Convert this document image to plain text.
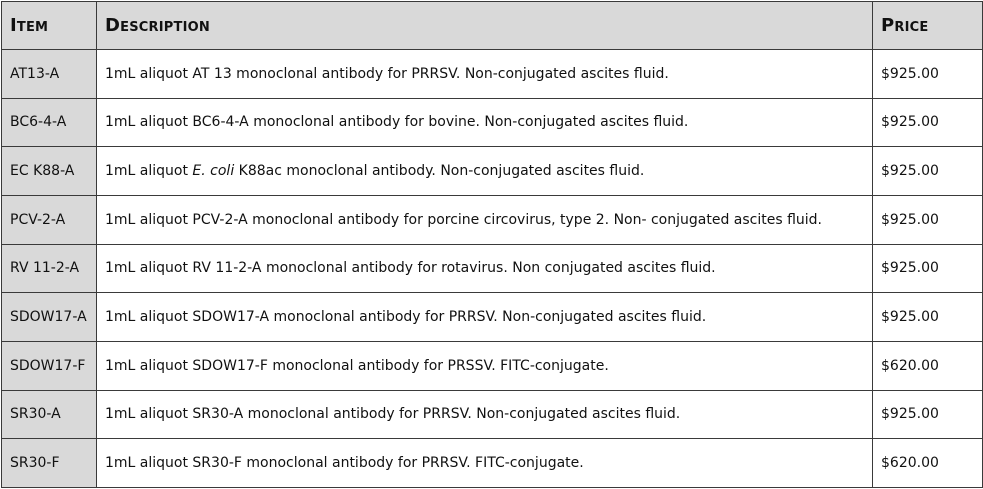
Item	Description	Price
AT13-A	1mL aliquot AT 13 monoclonal antibody for PRRSV. Non-conjugated ascites fluid.	$925.00
BC6-4-A	1mL aliquot BC6-4-A monoclonal antibody for bovine. Non-conjugated ascites fluid.	$925.00
EC K88-A	1mL aliquot E. coli K88ac monoclonal antibody. Non-conjugated ascites fluid.	$925.00
PCV-2-A	1mL aliquot PCV-2-A monoclonal antibody for porcine circovirus, type 2. Non- conjugated ascites fluid.	$925.00
RV 11-2-A	1mL aliquot RV 11-2-A monoclonal antibody for rotavirus. Non conjugated ascites fluid.	$925.00
SDOW17-A	1mL aliquot SDOW17-A monoclonal antibody for PRRSV. Non-conjugated ascites fluid.	$925.00
SDOW17-F	1mL aliquot SDOW17-F monoclonal antibody for PRSSV. FITC-conjugate.	$620.00
SR30-A	1mL aliquot SR30-A monoclonal antibody for PRRSV. Non-conjugated ascites fluid.	$925.00
SR30-F	1mL aliquot SR30-F monoclonal antibody for PRRSV. FITC-conjugate.	$620.00
